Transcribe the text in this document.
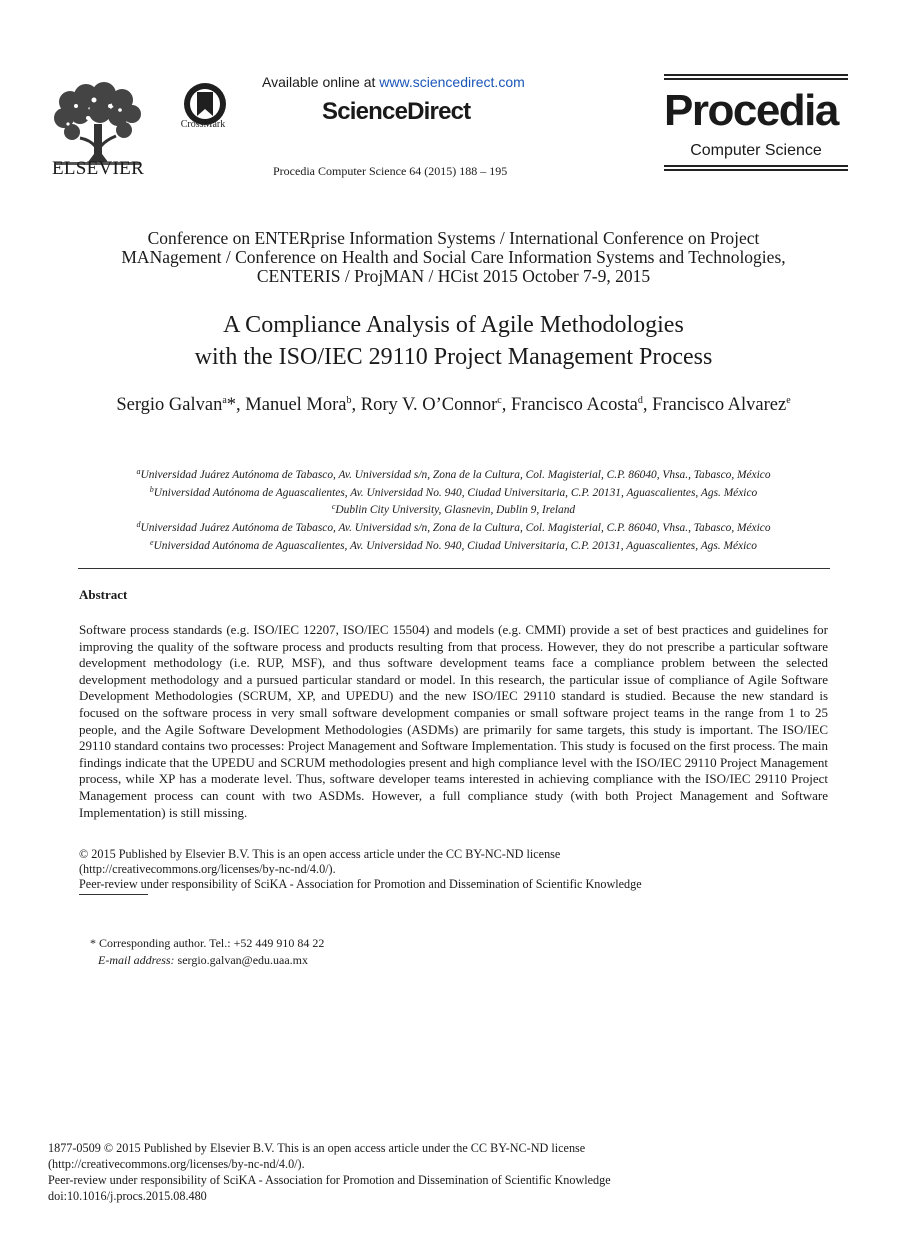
ELSEVIER
CrossMark
Available online at www.sciencedirect.com
ScienceDirect
Procedia Computer Science 64 (2015) 188 – 195
Procedia
Computer Science
Conference on ENTERprise Information Systems / International Conference on Project
MANagement / Conference on Health and Social Care Information Systems and Technologies,
CENTERIS / ProjMAN / HCist 2015 October 7-9, 2015
A Compliance Analysis of Agile Methodologies
with the ISO/IEC 29110 Project Management Process
Sergio Galvan$^a$*, Manuel Mora$^b$, Rory V. O’Connor$^c$, Francisco Acosta$^d$, Francisco Alvarez$^e$
$^a$Universidad Juárez Autónoma de Tabasco, Av. Universidad s/n, Zona de la Cultura, Col. Magisterial, C.P. 86040, Vhsa., Tabasco, México
$^b$Universidad Autónoma de Aguascalientes, Av. Universidad No. 940, Ciudad Universitaria, C.P. 20131, Aguascalientes, Ags. México
$^c$Dublin City University, Glasnevin, Dublin 9, Ireland
$^d$Universidad Juárez Autónoma de Tabasco, Av. Universidad s/n, Zona de la Cultura, Col. Magisterial, C.P. 86040, Vhsa., Tabasco, México
$^e$Universidad Autónoma de Aguascalientes, Av. Universidad No. 940, Ciudad Universitaria, C.P. 20131, Aguascalientes, Ags. México
Abstract
Software process standards (e.g. ISO/IEC 12207, ISO/IEC 15504) and models (e.g. CMMI) provide a set of best practices and guidelines for improving the quality of the software process and products resulting from that process. However, they do not prescribe a particular software development methodology (i.e. RUP, MSF), and thus software development teams face a compliance problem between the selected development methodology and a pursued particular standard or model. In this research, the particular issue of compliance of Agile Software Development Methodologies (SCRUM, XP, and UPEDU) and the new ISO/IEC 29110 standard is studied. Because the new standard is focused on the software process in very small software development companies or small software project teams in the range from 1 to 25 people, and the Agile Software Development Methodologies (ASDMs) are primarily for same targets, this study is important. The ISO/IEC 29110 standard contains two processes: Project Management and Software Implementation. This study is focused on the first process. The main findings indicate that the UPEDU and SCRUM methodologies present and high compliance level with the ISO/IEC 29110 Project Management process, while XP has a moderate level. Thus, software developer teams interested in achieving compliance with the ISO/IEC 29110 Project Management process can count with two ASDMs. However, a full compliance study (with both Project Management and Software Implementation) is still missing.
© 2015 Published by Elsevier B.V. This is an open access article under the CC BY-NC-ND license
(http://creativecommons.org/licenses/by-nc-nd/4.0/).
Peer-review under responsibility of SciKA - Association for Promotion and Dissemination of Scientific Knowledge
* Corresponding author. Tel.: +52 449 910 84 22
E-mail address: sergio.galvan@edu.uaa.mx
1877-0509 © 2015 Published by Elsevier B.V. This is an open access article under the CC BY-NC-ND license
(http://creativecommons.org/licenses/by-nc-nd/4.0/).
Peer-review under responsibility of SciKA - Association for Promotion and Dissemination of Scientific Knowledge
doi:10.1016/j.procs.2015.08.480
